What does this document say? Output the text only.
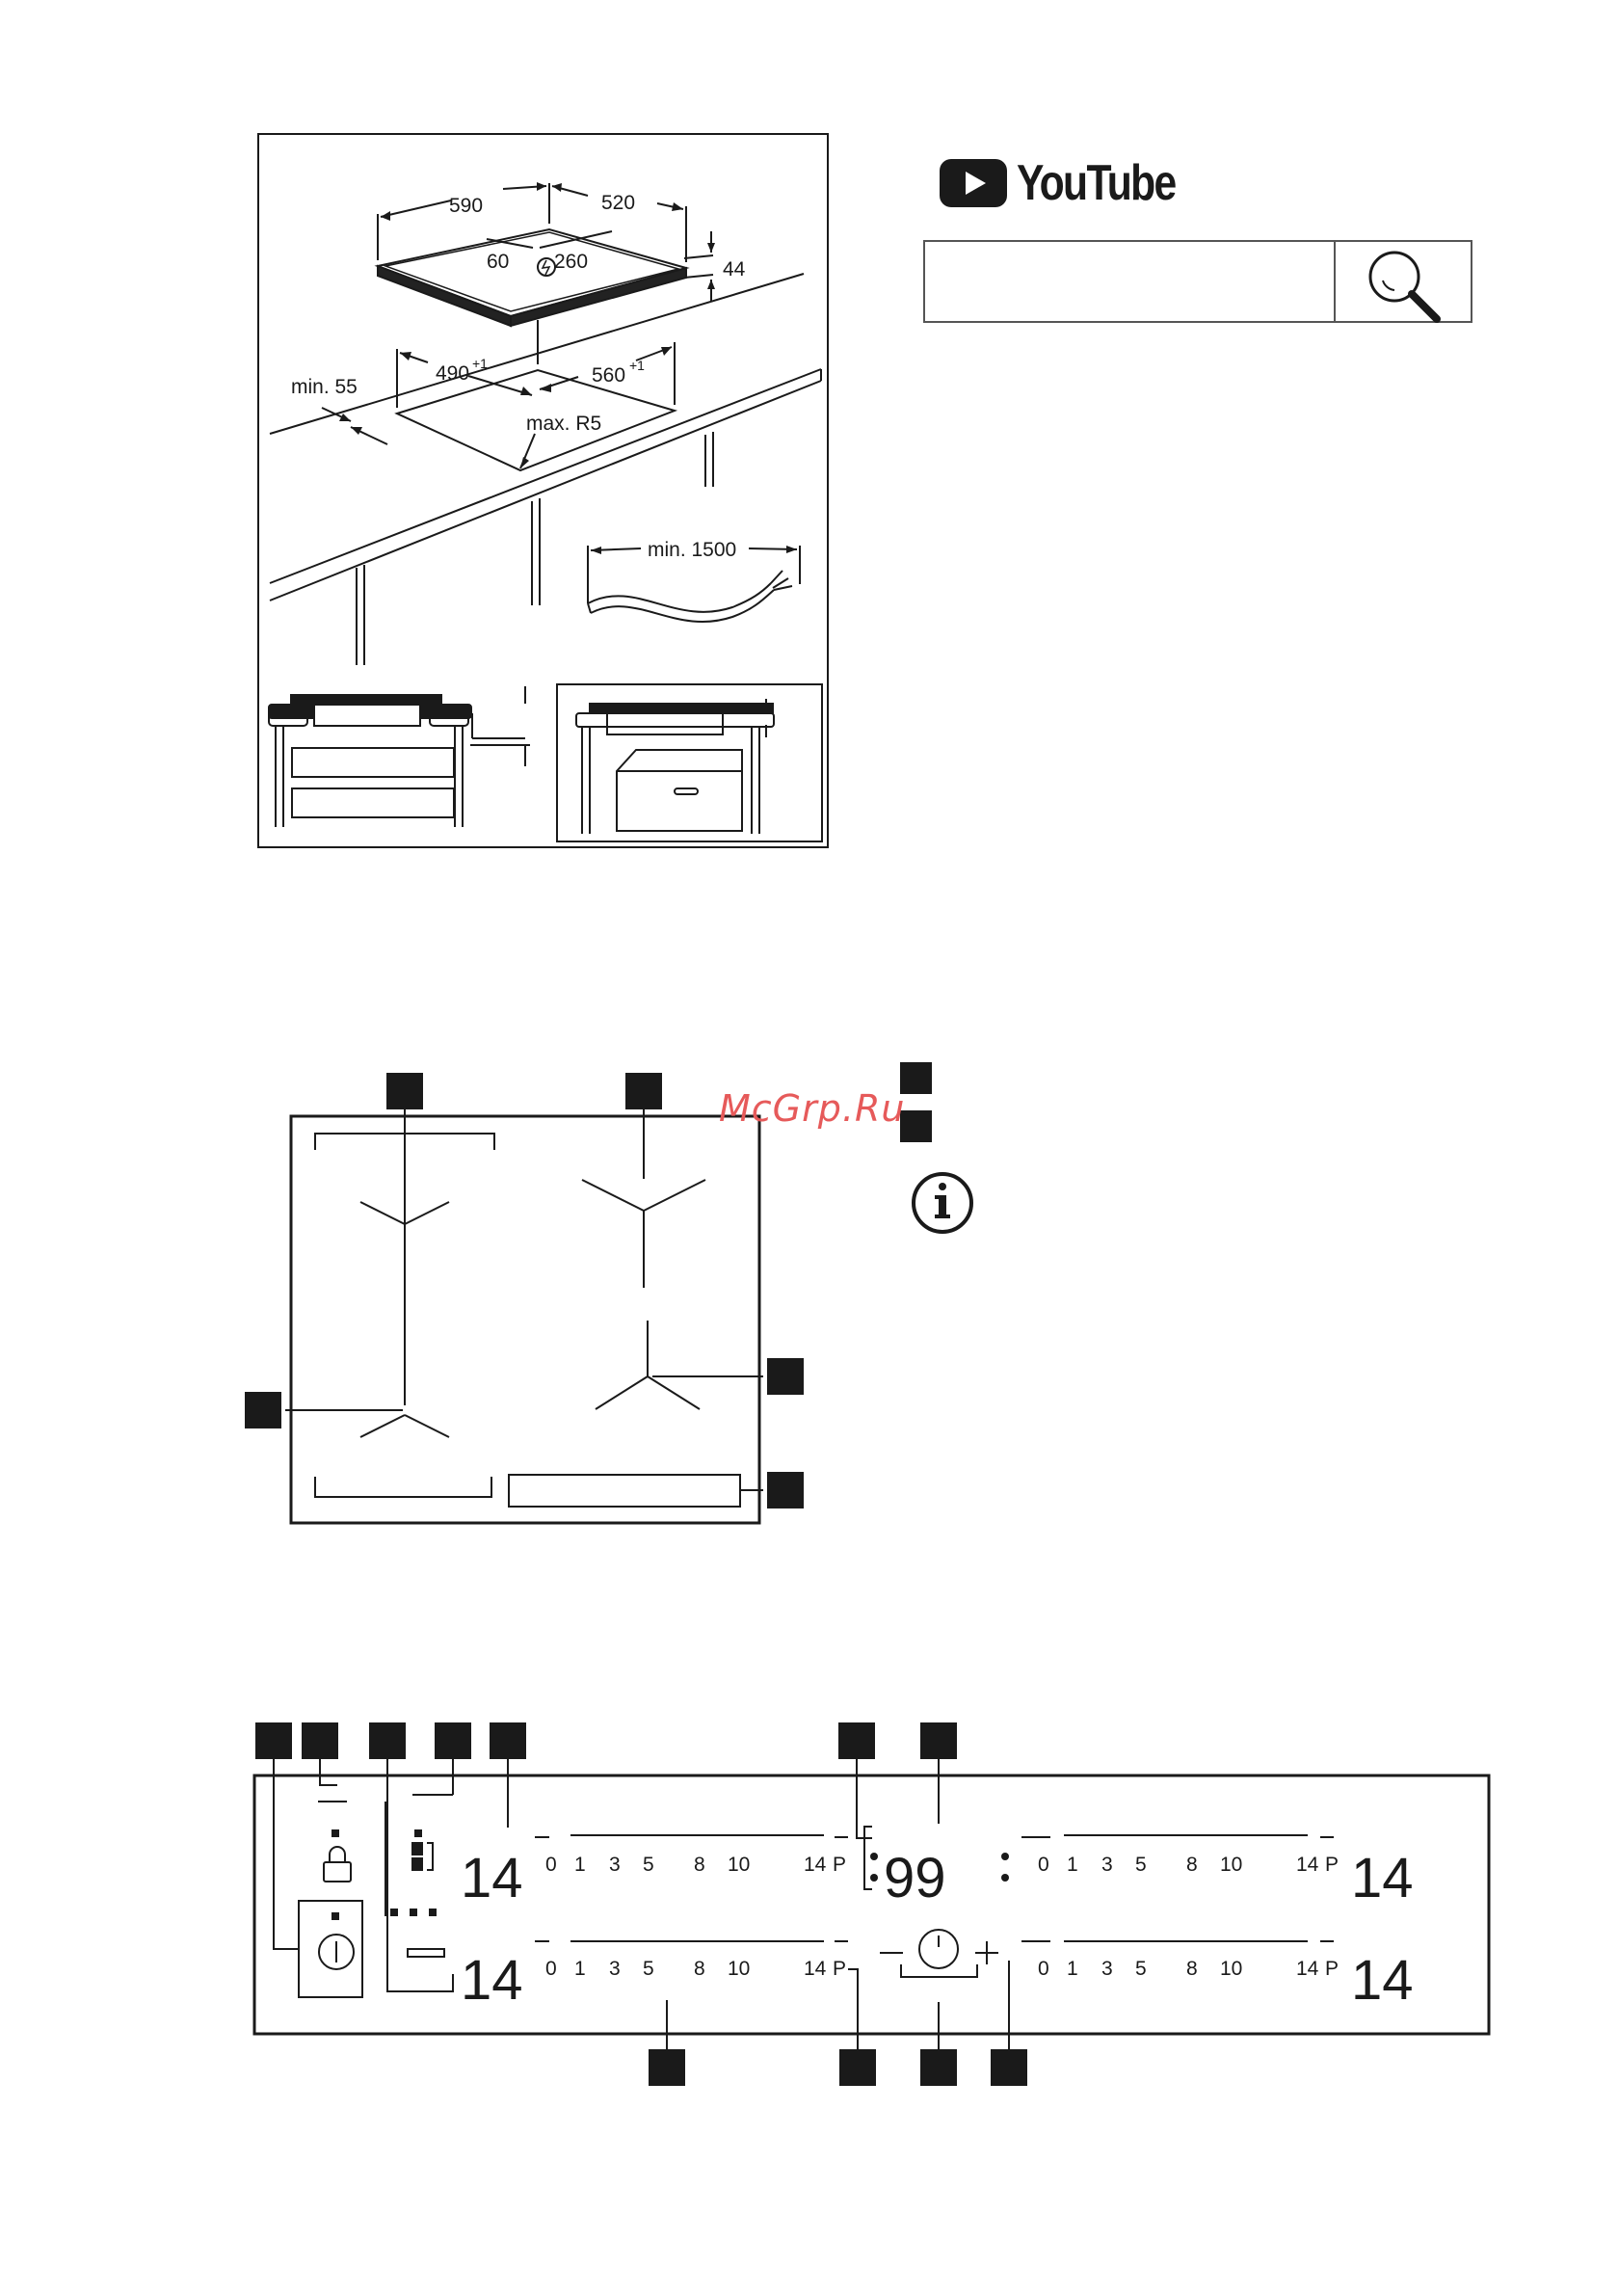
590	520
60 260	44
490 +1
560 +1
min. 55
max. R5
min. 1500
14
14
99	14
14
0 1 3 5 8 10	14 P
0 1 3 5 8 10	14 P
0 1 3 5 8 10	14 P
0 1 3 5 8 10	14 P
YouTube
McGrp.Ru
